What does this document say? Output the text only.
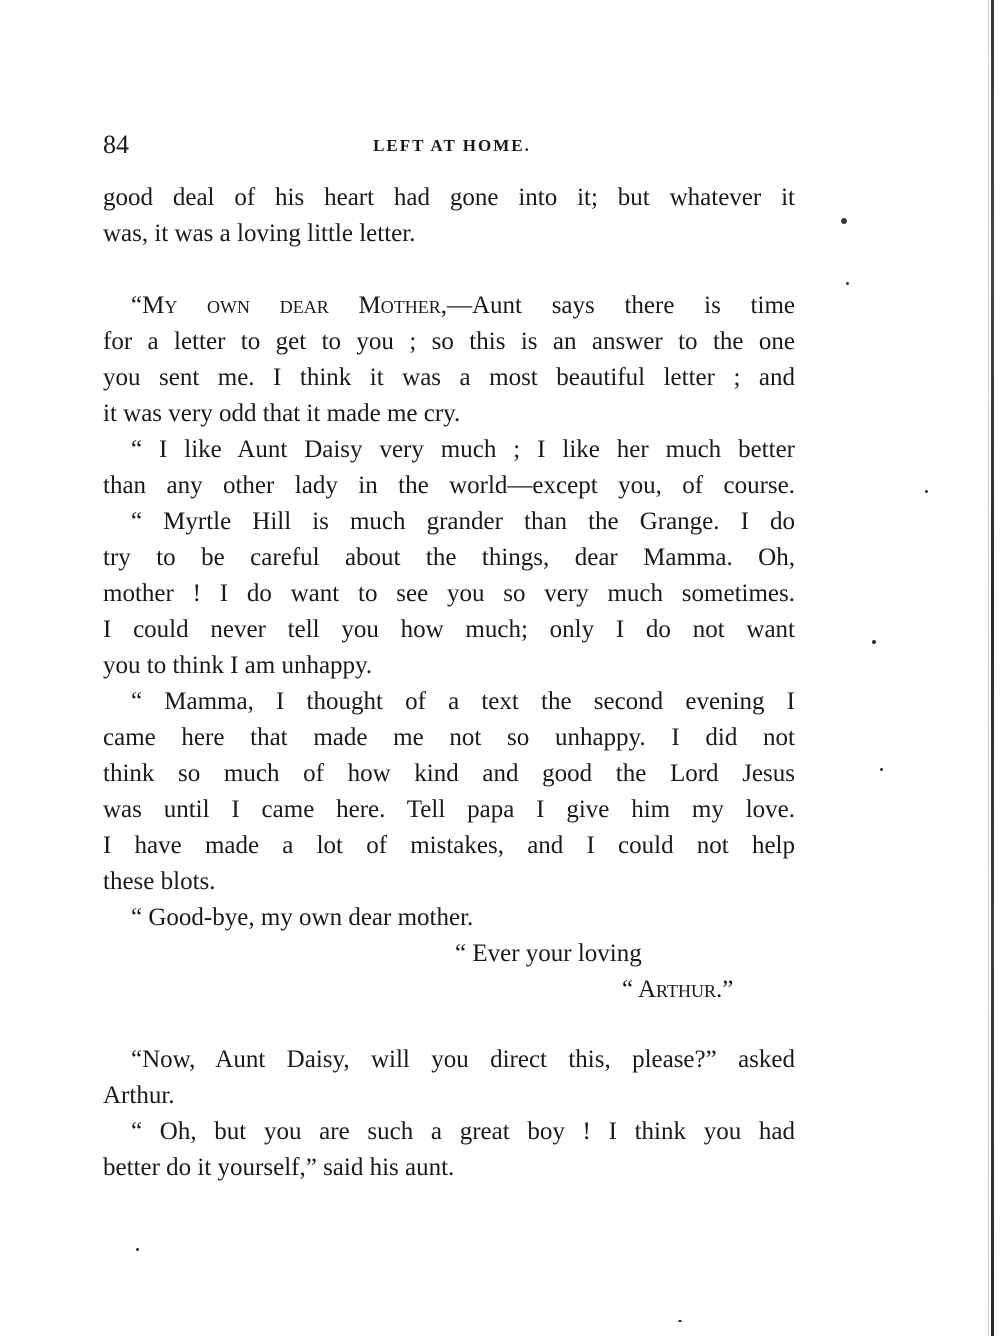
84	LEFT AT HOME.
good deal of his heart had gone into it; but whatever it
was, it was a loving little letter.
“My own dear Mother,—Aunt says there is time
for a letter to get to you ; so this is an answer to the one
you sent me. I think it was a most beautiful letter ; and
it was very odd that it made me cry.
“ I like Aunt Daisy very much ; I like her much better
than any other lady in the world—except you, of course.
“ Myrtle Hill is much grander than the Grange. I do
try to be careful about the things, dear Mamma. Oh,
mother ! I do want to see you so very much sometimes.
I could never tell you how much; only I do not want
you to think I am unhappy.
“ Mamma, I thought of a text the second evening I
came here that made me not so unhappy. I did not
think so much of how kind and good the Lord Jesus
was until I came here. Tell papa I give him my love.
I have made a lot of mistakes, and I could not help
these blots.
“ Good-bye, my own dear mother.
“ Ever your loving
“ Arthur.”
“Now, Aunt Daisy, will you direct this, please?” asked
Arthur.
“ Oh, but you are such a great boy ! I think you had
better do it yourself,” said his aunt.
